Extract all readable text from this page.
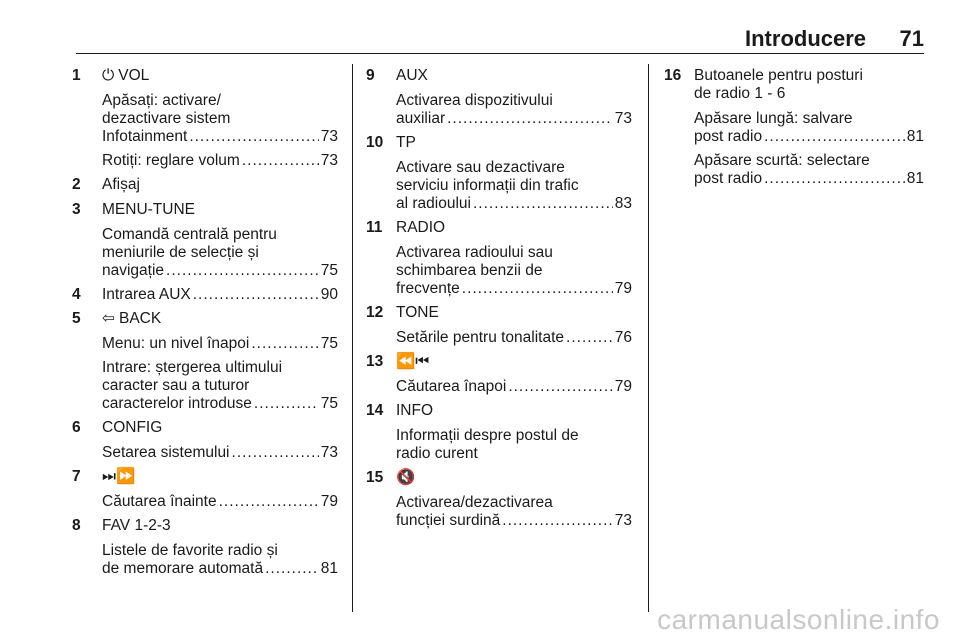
Introducere 71
1 ⏻ VOL
Apăsați: activare/
dezactivare sistem
Infotainment .....	73
Rotiți: reglare volum .....	73
2 Afișaj
3 MENU-TUNE
Comandă centrală pentru
meniurile de selecție și
navigație .....	75
4 Intrarea AUX .....	90
5 ⇦ BACK
Menu: un nivel înapoi .....	75
Intrare: ștergerea ultimului
caracter sau a tuturor
caracterelor introduse .....	75
6 CONFIG
Setarea sistemului .....	73
7 ⏭⏩
Căutarea înainte .....	79
8 FAV 1-2-3
Listele de favorite radio și
de memorare automată .....	81
9 AUX
Activarea dispozitivului
auxiliar .....	73
10 TP
Activare sau dezactivare
serviciu informații din trafic
al radioului .....	83
11 RADIO
Activarea radioului sau
schimbarea benzii de
frecvențe .....	79
12 TONE
Setările pentru tonalitate .....	76
13 ⏪⏮
Căutarea înapoi .....	79
14 INFO
Informații despre postul de
radio curent
15 🔇
Activarea/dezactivarea
funcției surdină .....	73
16 Butoanele pentru posturi
de radio 1 - 6
Apăsare lungă: salvare
post radio .....	81
Apăsare scurtă: selectare
post radio .....	81
carmanualsonline.info
